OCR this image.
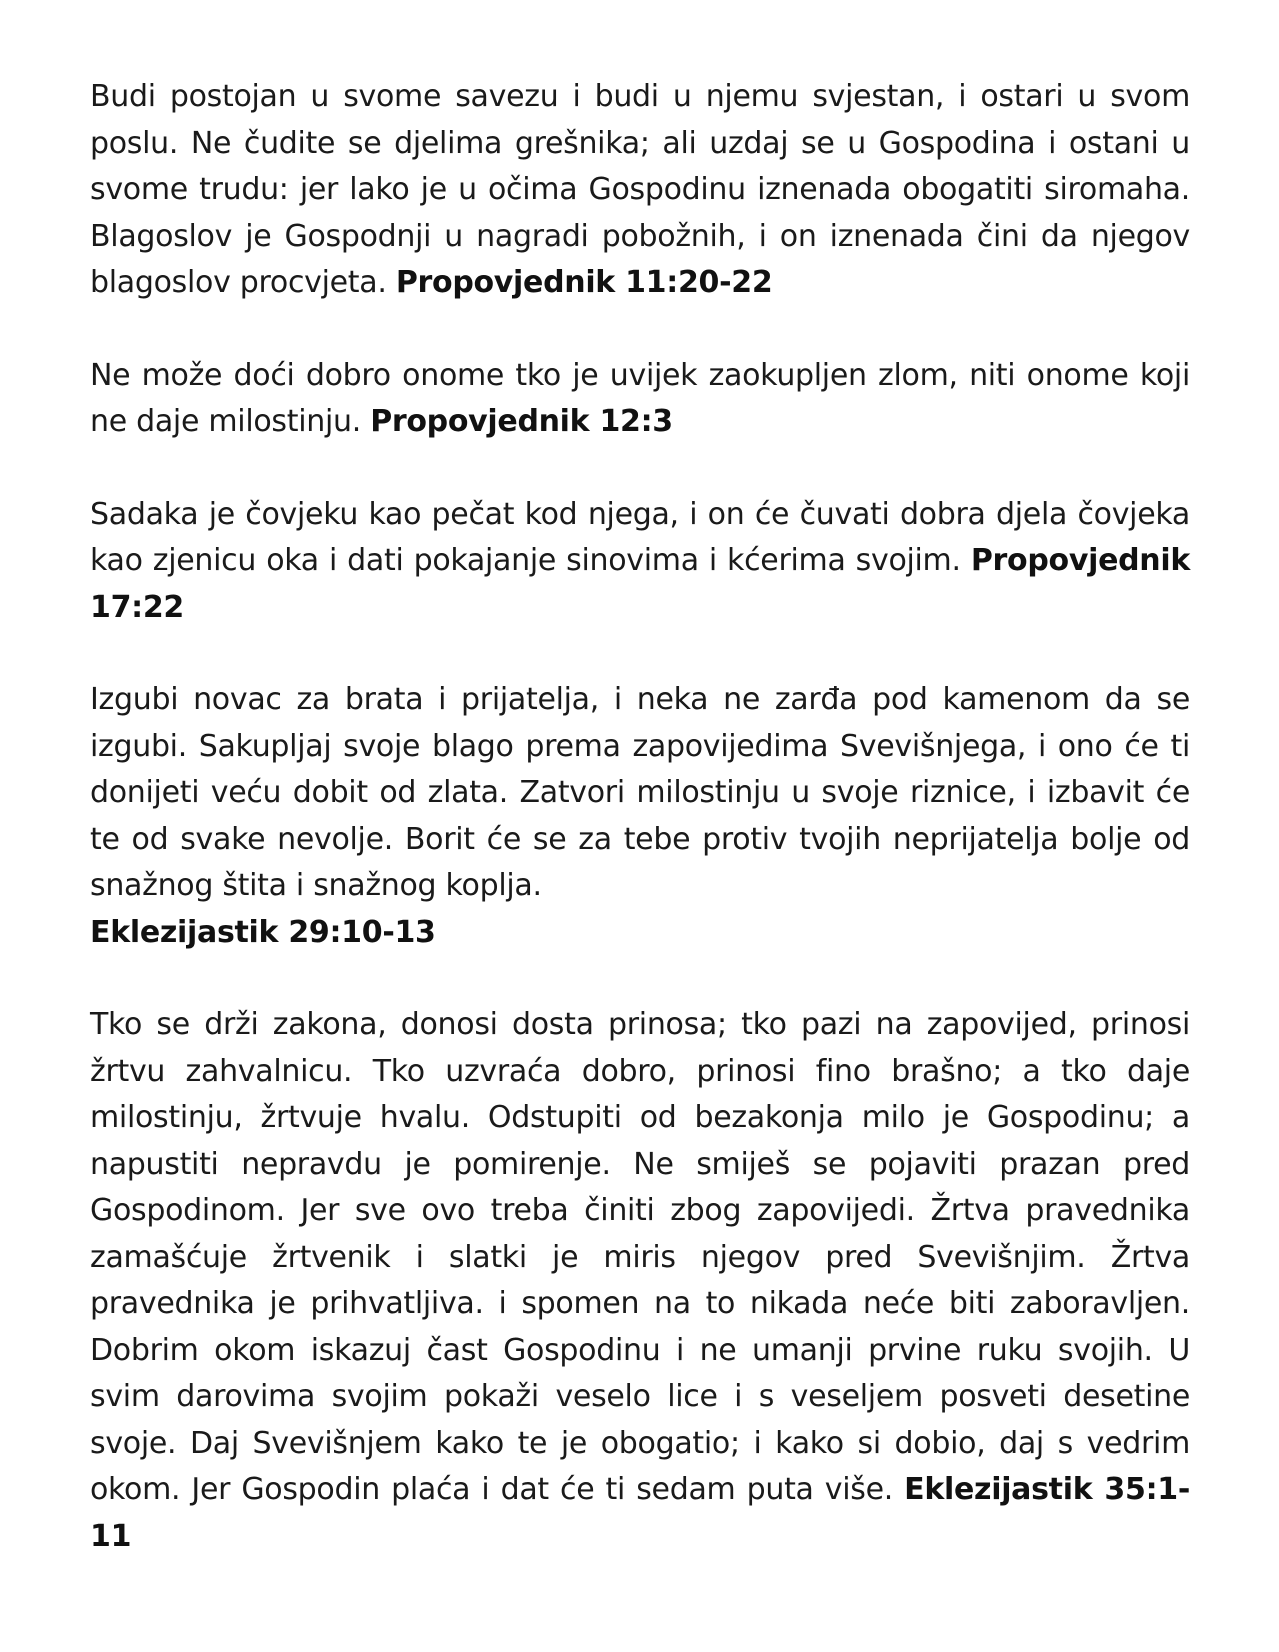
Budi postojan u svome savezu i budi u njemu svjestan, i ostari u svom poslu. Ne čudite se djelima grešnika; ali uzdaj se u Gospodina i ostani u svome trudu: jer lako je u očima Gospodinu iznenada obogatiti siromaha. Blagoslov je Gospodnji u nagradi pobožnih, i on iznenada čini da njegov blagoslov procvjeta. Propovjednik 11:20-22

Ne može doći dobro onome tko je uvijek zaokupljen zlom, niti onome koji ne daje milostinju. Propovjednik 12:3

Sadaka je čovjeku kao pečat kod njega, i on će čuvati dobra djela čovjeka kao zjenicu oka i dati pokajanje sinovima i kćerima svojim. Propovjednik 17:22

Izgubi novac za brata i prijatelja, i neka ne zarđa pod kamenom da se izgubi. Sakupljaj svoje blago prema zapovijedima Svevišnjega, i ono će ti donijeti veću dobit od zlata. Zatvori milostinju u svoje riznice, i izbavit će te od svake nevolje. Borit će se za tebe protiv tvojih neprijatelja bolje od snažnog štita i snažnog koplja.
Eklezijastik 29:10-13

Tko se drži zakona, donosi dosta prinosa; tko pazi na zapovijed, prinosi žrtvu zahvalnicu. Tko uzvraća dobro, prinosi fino brašno; a tko daje milostinju, žrtvuje hvalu. Odstupiti od bezakonja milo je Gospodinu; a napustiti nepravdu je pomirenje. Ne smiješ se pojaviti prazan pred Gospodinom. Jer sve ovo treba činiti zbog zapovijedi. Žrtva pravednika zamašćuje žrtvenik i slatki je miris njegov pred Svevišnjim. Žrtva pravednika je prihvatljiva. i spomen na to nikada neće biti zaboravljen. Dobrim okom iskazuj čast Gospodinu i ne umanji prvine ruku svojih. U svim darovima svojim pokaži veselo lice i s veseljem posveti desetine svoje. Daj Svevišnjem kako te je obogatio; i kako si dobio, daj s vedrim okom. Jer Gospodin plaća i dat će ti sedam puta više. Eklezijastik 35:1-11
